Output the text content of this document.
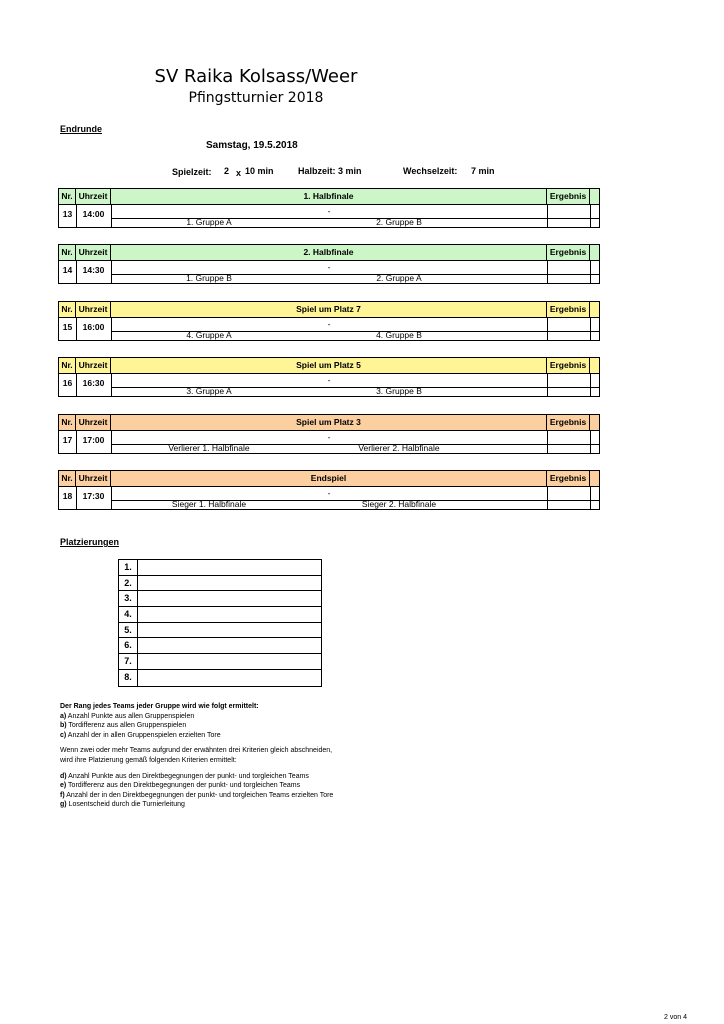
SV Raika Kolsass/Weer
Pfingstturnier 2018
Endrunde
Samstag, 19.5.2018
Spielzeit: 2 x 10 min	Halbzeit: 3 min	Wechselzeit: 7 min
Nr. Uhrzeit	1. Halbfinale	Ergebnis
13	14:00	-
1. Gruppe A	2. Gruppe B
Nr. Uhrzeit	2. Halbfinale	Ergebnis
14	14:30	-
1. Gruppe B	2. Gruppe A
Nr. Uhrzeit	Spiel um Platz 7	Ergebnis
15	16:00	-
4. Gruppe A	4. Gruppe B
Nr. Uhrzeit	Spiel um Platz 5	Ergebnis
16	16:30	-
3. Gruppe A	3. Gruppe B
Nr. Uhrzeit	Spiel um Platz 3	Ergebnis
17	17:00	-
Verlierer 1. Halbfinale	Verlierer 2. Halbfinale
Nr. Uhrzeit	Endspiel	Ergebnis
18	17:30	-
Sieger 1. Halbfinale	Sieger 2. Halbfinale
Platzierungen
1.
2.
3.
4.
5.
6.
7.
8.

Der Rang jedes Teams jeder Gruppe wird wie folgt ermittelt:

a) Anzahl Punkte aus allen Gruppenspielen

b) Tordifferenz aus allen Gruppenspielen

c) Anzahl der in allen Gruppenspielen erzielten Tore

Wenn zwei oder mehr Teams aufgrund der erwähnten drei Kriterien gleich abschneiden,

wird ihre Platzierung gemäß folgenden Kriterien ermittelt:

d) Anzahl Punkte aus den Direktbegegnungen der punkt- und torgleichen Teams

e) Tordifferenz aus den Direktbegegnungen der punkt- und torgleichen Teams

f) Anzahl der in den Direktbegegnungen der punkt- und torgleichen Teams erzielten Tore

g) Losentscheid durch die Turnierleitung

2 von 4
